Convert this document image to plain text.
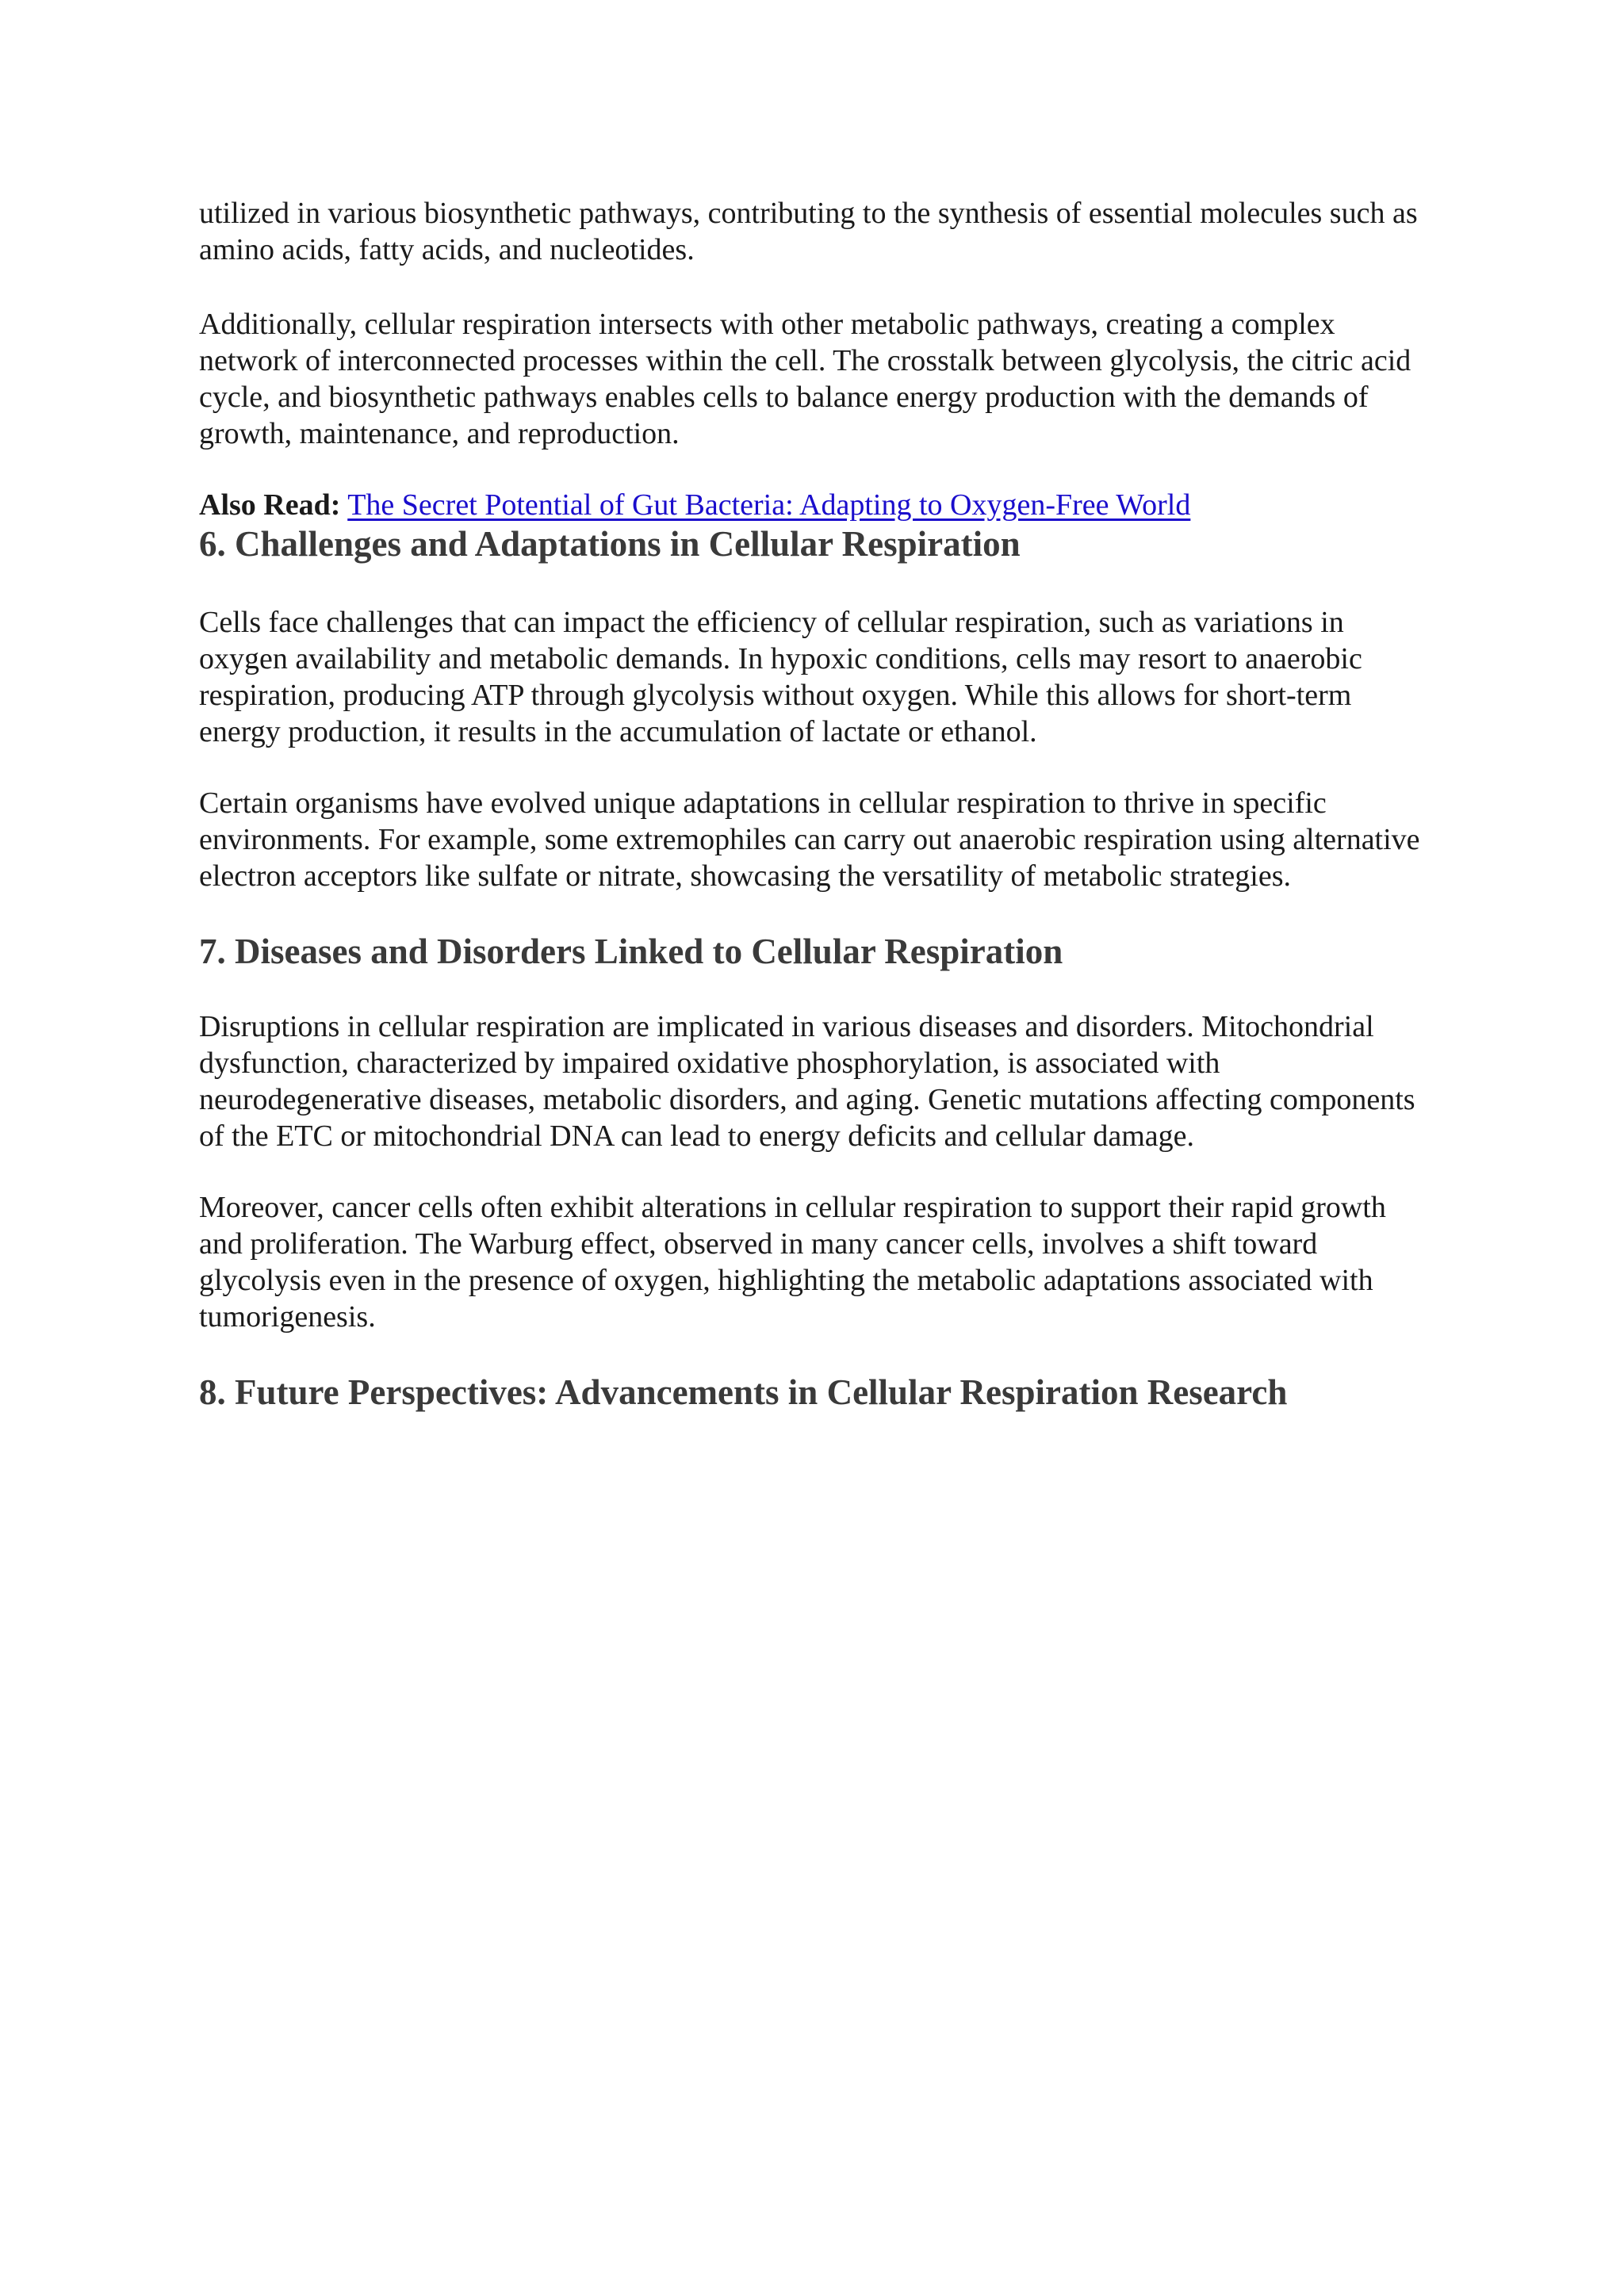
utilized in various biosynthetic pathways, contributing to the synthesis of essential molecules such as amino acids, fatty acids, and nucleotides.

Additionally, cellular respiration intersects with other metabolic pathways, creating a complex network of interconnected processes within the cell. The crosstalk between glycolysis, the citric acid cycle, and biosynthetic pathways enables cells to balance energy production with the demands of growth, maintenance, and reproduction.

Also Read: The Secret Potential of Gut Bacteria: Adapting to Oxygen-Free World
6. Challenges and Adaptations in Cellular Respiration

Cells face challenges that can impact the efficiency of cellular respiration, such as variations in oxygen availability and metabolic demands. In hypoxic conditions, cells may resort to anaerobic respiration, producing ATP through glycolysis without oxygen. While this allows for short-term energy production, it results in the accumulation of lactate or ethanol.

Certain organisms have evolved unique adaptations in cellular respiration to thrive in specific environments. For example, some extremophiles can carry out anaerobic respiration using alternative electron acceptors like sulfate or nitrate, showcasing the versatility of metabolic strategies.

7. Diseases and Disorders Linked to Cellular Respiration

Disruptions in cellular respiration are implicated in various diseases and disorders. Mitochondrial dysfunction, characterized by impaired oxidative phosphorylation, is associated with neurodegenerative diseases, metabolic disorders, and aging. Genetic mutations affecting components of the ETC or mitochondrial DNA can lead to energy deficits and cellular damage.

Moreover, cancer cells often exhibit alterations in cellular respiration to support their rapid growth and proliferation. The Warburg effect, observed in many cancer cells, involves a shift toward glycolysis even in the presence of oxygen, highlighting the metabolic adaptations associated with tumorigenesis.

8. Future Perspectives: Advancements in Cellular Respiration Research
